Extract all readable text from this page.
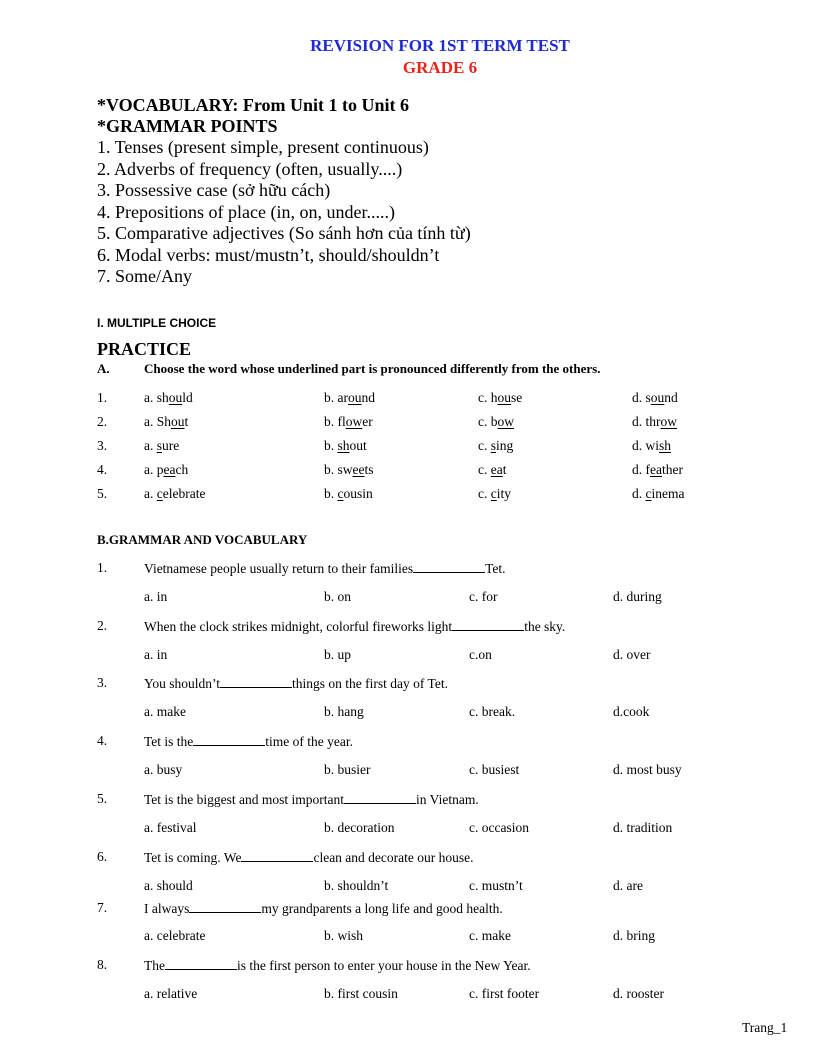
REVISION FOR 1ST TERM TEST
GRADE 6
*VOCABULARY: From Unit 1 to Unit 6
*GRAMMAR POINTS
1. Tenses (present simple, present continuous)
2. Adverbs of frequency (often, usually....)
3. Possessive case (sở hữu cách)
4. Prepositions of place (in, on, under.....)
5. Comparative adjectives (So sánh hơn của tính từ)
6. Modal verbs: must/mustn’t, should/shouldn’t
7. Some/Any
I. MULTIPLE CHOICE
PRACTICE
A.	Choose the word whose underlined part is pronounced differently from the others.
1.	a. should	b. around	c. house	d. sound
2.	a. Shout	b. flower	c. bow	d. throw
3.	a. sure	b. shout	c. sing	d. wish
4.	a. peach	b. sweets	c. eat	d. feather
5.	a. celebrate	b. cousin	c. city	d. cinema
B.GRAMMAR AND VOCABULARY
1.	Vietnamese people usually return to their families	Tet.
a. in	b. on	c. for	d. during
2.	When the clock strikes midnight, colorful fireworks light	the sky.
a. in	b. up	c.on	d. over
3.	You shouldn’t	things on the first day of Tet.
a. make	b. hang	c. break.	d.cook
4.	Tet is the	time of the year.
a. busy	b. busier	c. busiest	d. most busy
5.	Tet is the biggest and most important	in Vietnam.
a. festival	b. decoration	c. occasion	d. tradition
6.	Tet is coming. We	clean and decorate our house.
a. should	b. shouldn’t	c. mustn’t	d. are
7.	I always	my grandparents a long life and good health.
a. celebrate	b. wish	c. make	d. bring
8.	The	is the first person to enter your house in the New Year.
a. relative	b. first cousin	c. first footer	d. rooster
Trang_1
